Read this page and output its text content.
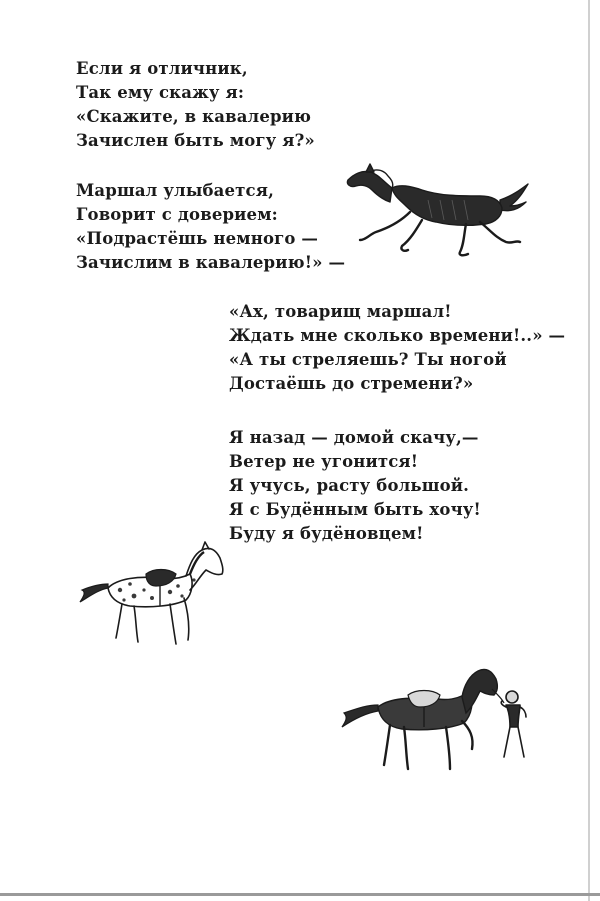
Если я отличник,
Так ему скажу я:
«Скажите, в кавалерию
Зачислен быть могу я?»

Маршал улыбается,
Говорит с доверием:
«Подрастёшь немного —
Зачислим в кавалерию!» —

«Ах, товарищ маршал!
Ждать мне сколько времени!..» —
«А ты стреляешь? Ты ногой
Достаёшь до стремени?»

Я назад — домой скачу,—
Ветер не угонится!
Я учусь, расту большой.
Я с Будённым быть хочу!
Буду я будёновцем!
